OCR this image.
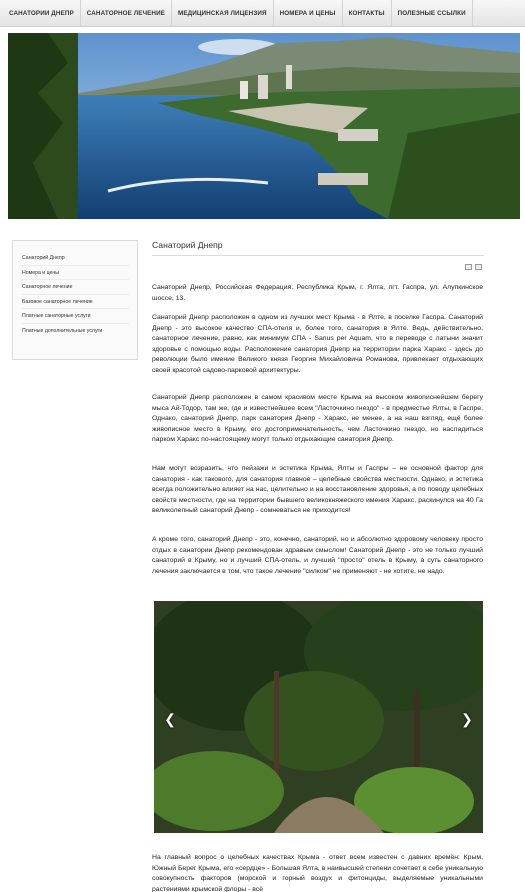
САНАТОРИИ ДНЕПР	САНАТОРНОЕ ЛЕЧЕНИЕ	МЕДИЦИНСКАЯ ЛИЦЕНЗИЯ	НОМЕРА И ЦЕНЫ	КОНТАКТЫ	ПОЛЕЗНЫЕ ССЫЛКИ
Санаторий Днепр
Номера и цены
Санаторное лечение
Базовое санаторное лечение
Платные санаторные услуги
Платные дополнительные услуги
Санаторий Днепр

Санаторий Днепр, Российская Федерация, Республика Крым, г. Ялта, пгт. Гаспра, ул. Алупкинское шоссе, 13.

Санаторий Днепр расположен в одном из лучших мест Крыма - в Ялте, в поселке Гаспра. Санаторий Днепр - это высокое качество СПА-отеля и, более того, санатория в Ялте. Ведь, действительно, санаторное лечение, равно, как минимум СПА - Sanus per Aquam, что в переводе с латыни значит здоровье с помощью воды. Расположение санатория Днепр на территории парка Харакс - здесь до революции было имение Великого князя Георгия Михайловича Романова, привлекает отдыхающих своей красотой садово-парковой архитектуры.

Санаторий Днепр расположен в самом красивом месте Крыма на высоком живописнейшем берегу мыса Ай-Тодор, там же, где и известнейшее всем "Ласточкино гнездо" - в предместье Ялты, в Гаспре. Однако, санаторий Днепр, парк санатория Днепр - Харакс, не менее, а на наш взгляд, ещё более живописное место в Крыму, его достопримечательность, чем Ласточкино гнездо, но насладиться парком Харакс по-настоящему могут только отдыхающие санатория Днепр.

Нам могут возразить, что пейзажи и эстетика Крыма, Ялты и Гаспры – не основной фактор для санатория - как такового, для санатория главное – целебные свойства местности. Однако, и эстетика всегда положительно влияет на нас, целительно и на восстановление здоровья, а по поводу целебных свойств местности, где на территории бывшего великокняжеского имения Харакс, раскинулся на 40 Га великолепный санаторий Днепр - сомневаться не приходится!

А кроме того, санаторий Днепр - это, конечно, санаторий, но и абсолютно здоровому человеку просто отдых в санатории Днепр рекомендован здравым смыслом! Санаторий Днепр - это не только лучший санаторий в Крыму, но и лучший СПА-отель, и лучший "просто" отель в Крыму, а суть санаторного лечения заключается в том, что такое лечение "силком" не применяют - не хотите, не надо.

На главный вопрос о целебных качествах Крыма - ответ всем известен с давних времён: Крым, Южный Берег Крыма, его «сердце» - Большая Ялта, в наивысшей степени сочетает в себе уникальную совокупность факторов (морской и горный воздух и фитонциды, выделяемые уникальными растениями крымской флоры - всё

❮	❯
